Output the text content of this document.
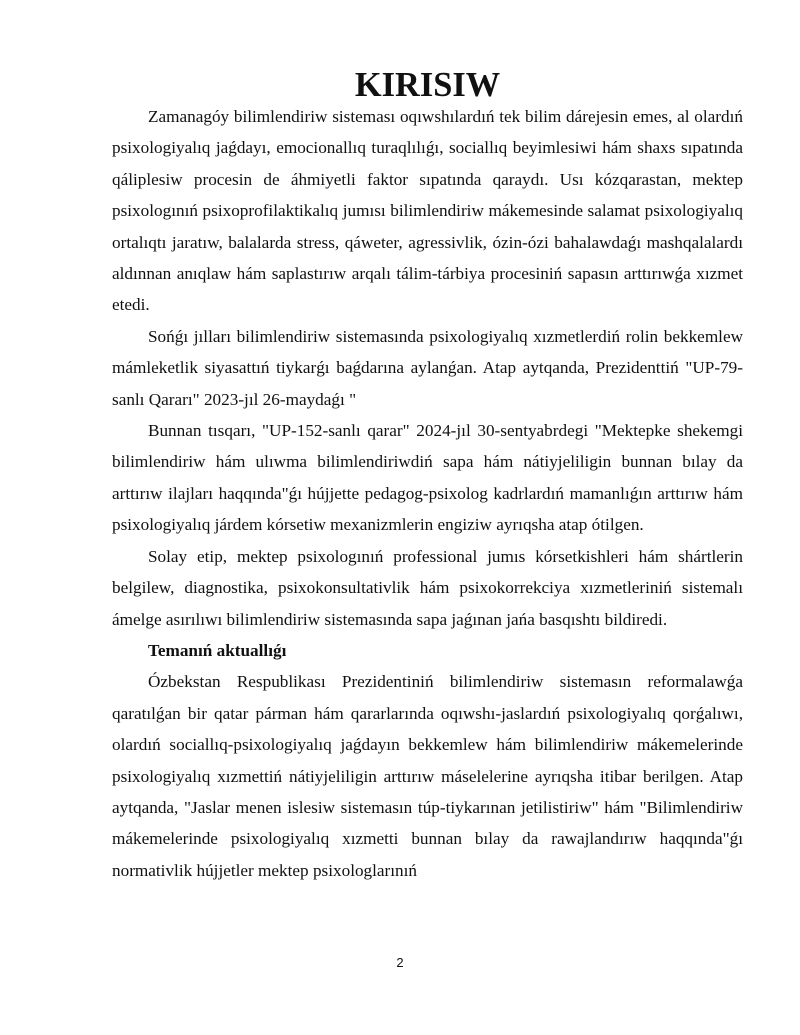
KIRISIW

Zamanagóy bilimlendiriw sisteması oqıwshılardıń tek bilim dárejesin emes, al olardıń psixologiyalıq jaǵdayı, emocionallıq turaqlılıǵı, sociallıq beyimlesiwi hám shaxs sıpatında qáliplesiw procesin de áhmiyetli faktor sıpatında qaraydı. Usı kózqarastan, mektep psixologınıń psixoprofilaktikalıq jumısı bilimlendiriw mákemesinde salamat psixologiyalıq ortalıqtı jaratıw, balalarda stress, qáweter, agressivlik, ózin-ózi bahalawdaǵı mashqalalardı aldınnan anıqlaw hám saplastırıw arqalı tálim-tárbiya procesiniń sapasın arttırıwǵa xızmet etedi.

Sońǵı jılları bilimlendiriw sistemasında psixologiyalıq xızmetlerdiń rolin bekkemlew mámleketlik siyasattıń tiykarǵı baǵdarına aylanǵan. Atap aytqanda, Prezidenttiń "UP-79-sanlı Qararı" 2023-jıl 26-maydaǵı "

Bunnan tısqarı, "UP-152-sanlı qarar" 2024-jıl 30-sentyabrdegi "Mektepke shekemgi bilimlendiriw hám ulıwma bilimlendiriwdiń sapa hám nátiyjeliligin bunnan bılay da arttırıw ilajları haqqında"ǵı hújjette pedagog-psixolog kadrlardıń mamanlıǵın arttırıw hám psixologiyalıq járdem kórsetiw mexanizmlerin engiziw ayrıqsha atap ótilgen.

Solay etip, mektep psixologınıń professional jumıs kórsetkishleri hám shártlerin belgilew, diagnostika, psixokonsultativlik hám psixokorrekciya xızmetleriniń sistemalı ámelge asırılıwı bilimlendiriw sistemasında sapa jaǵınan jańa basqıshtı bildiredi.

Temanıń aktuallıǵı

Ózbekstan Respublikası Prezidentiniń bilimlendiriw sistemasın reformalawǵa qaratılǵan bir qatar párman hám qararlarında oqıwshı-jaslardıń psixologiyalıq qorǵalıwı, olardıń sociallıq-psixologiyalıq jaǵdayın bekkemlew hám bilimlendiriw mákemelerinde psixologiyalıq xızmettiń nátiyjeliligin arttırıw máselelerine ayrıqsha itibar berilgen. Atap aytqanda, "Jaslar menen islesiw sistemasın túp-tiykarınan jetilistiriw" hám "Bilimlendiriw mákemelerinde psixologiyalıq xızmetti bunnan bılay da rawajlandırıw haqqında"ǵı normativlik hújjetler mektep psixologlarınıń

2
